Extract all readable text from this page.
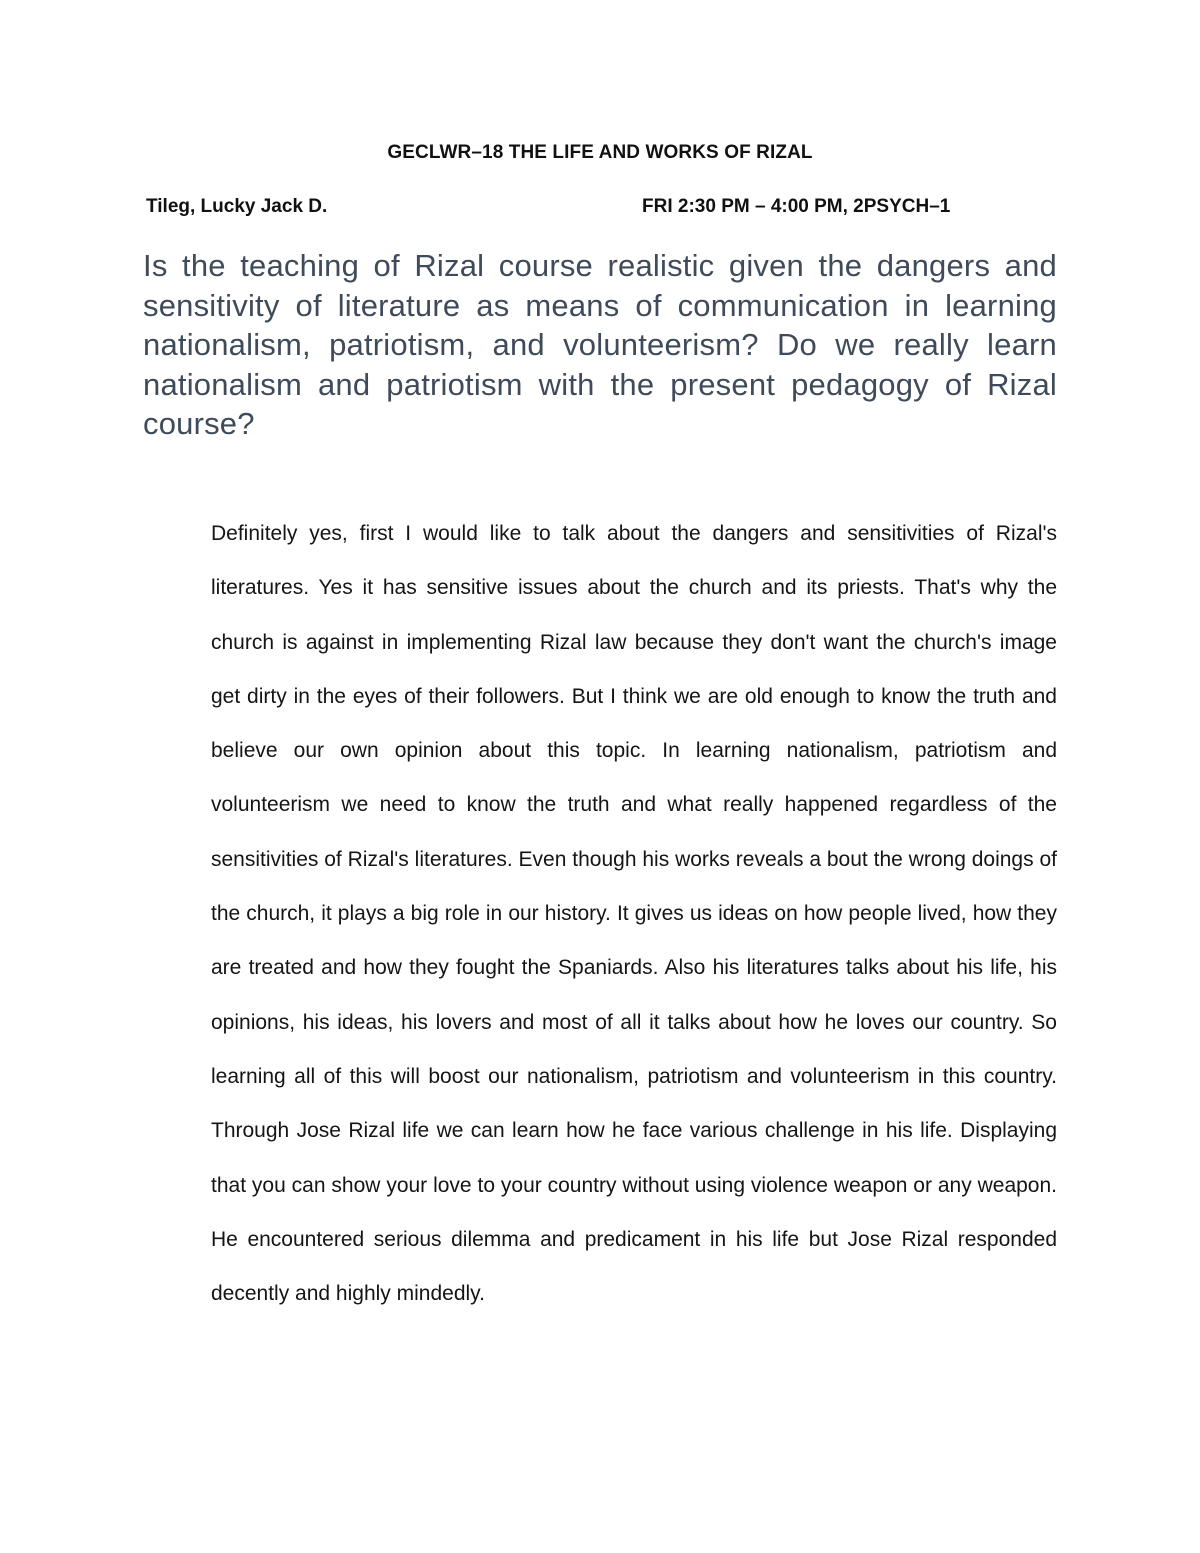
GECLWR–18 THE LIFE AND WORKS OF RIZAL
Tileg, Lucky Jack D.	FRI 2:30 PM – 4:00 PM, 2PSYCH–1

Is the teaching of Rizal course realistic given the dangers and sensitivity of literature as means of communication in learning nationalism, patriotism, and volunteerism? Do we really learn nationalism and patriotism with the present pedagogy of Rizal course?

Definitely yes, first I would like to talk about the dangers and sensitivities of Rizal's literatures. Yes it has sensitive issues about the church and its priests. That's why the church is against in implementing Rizal law because they don't want the church's image get dirty in the eyes of their followers. But I think we are old enough to know the truth and believe our own opinion about this topic. In learning nationalism, patriotism and volunteerism we need to know the truth and what really happened regardless of the sensitivities of Rizal's literatures. Even though his works reveals a bout the wrong doings of the church, it plays a big role in our history. It gives us ideas on how people lived, how they are treated and how they fought the Spaniards. Also his literatures talks about his life, his opinions, his ideas, his lovers and most of all it talks about how he loves our country. So learning all of this will boost our nationalism, patriotism and volunteerism in this country. Through Jose Rizal life we can learn how he face various challenge in his life. Displaying that you can show your love to your country without using violence weapon or any weapon. He encountered serious dilemma and predicament in his life but Jose Rizal responded decently and highly mindedly.
